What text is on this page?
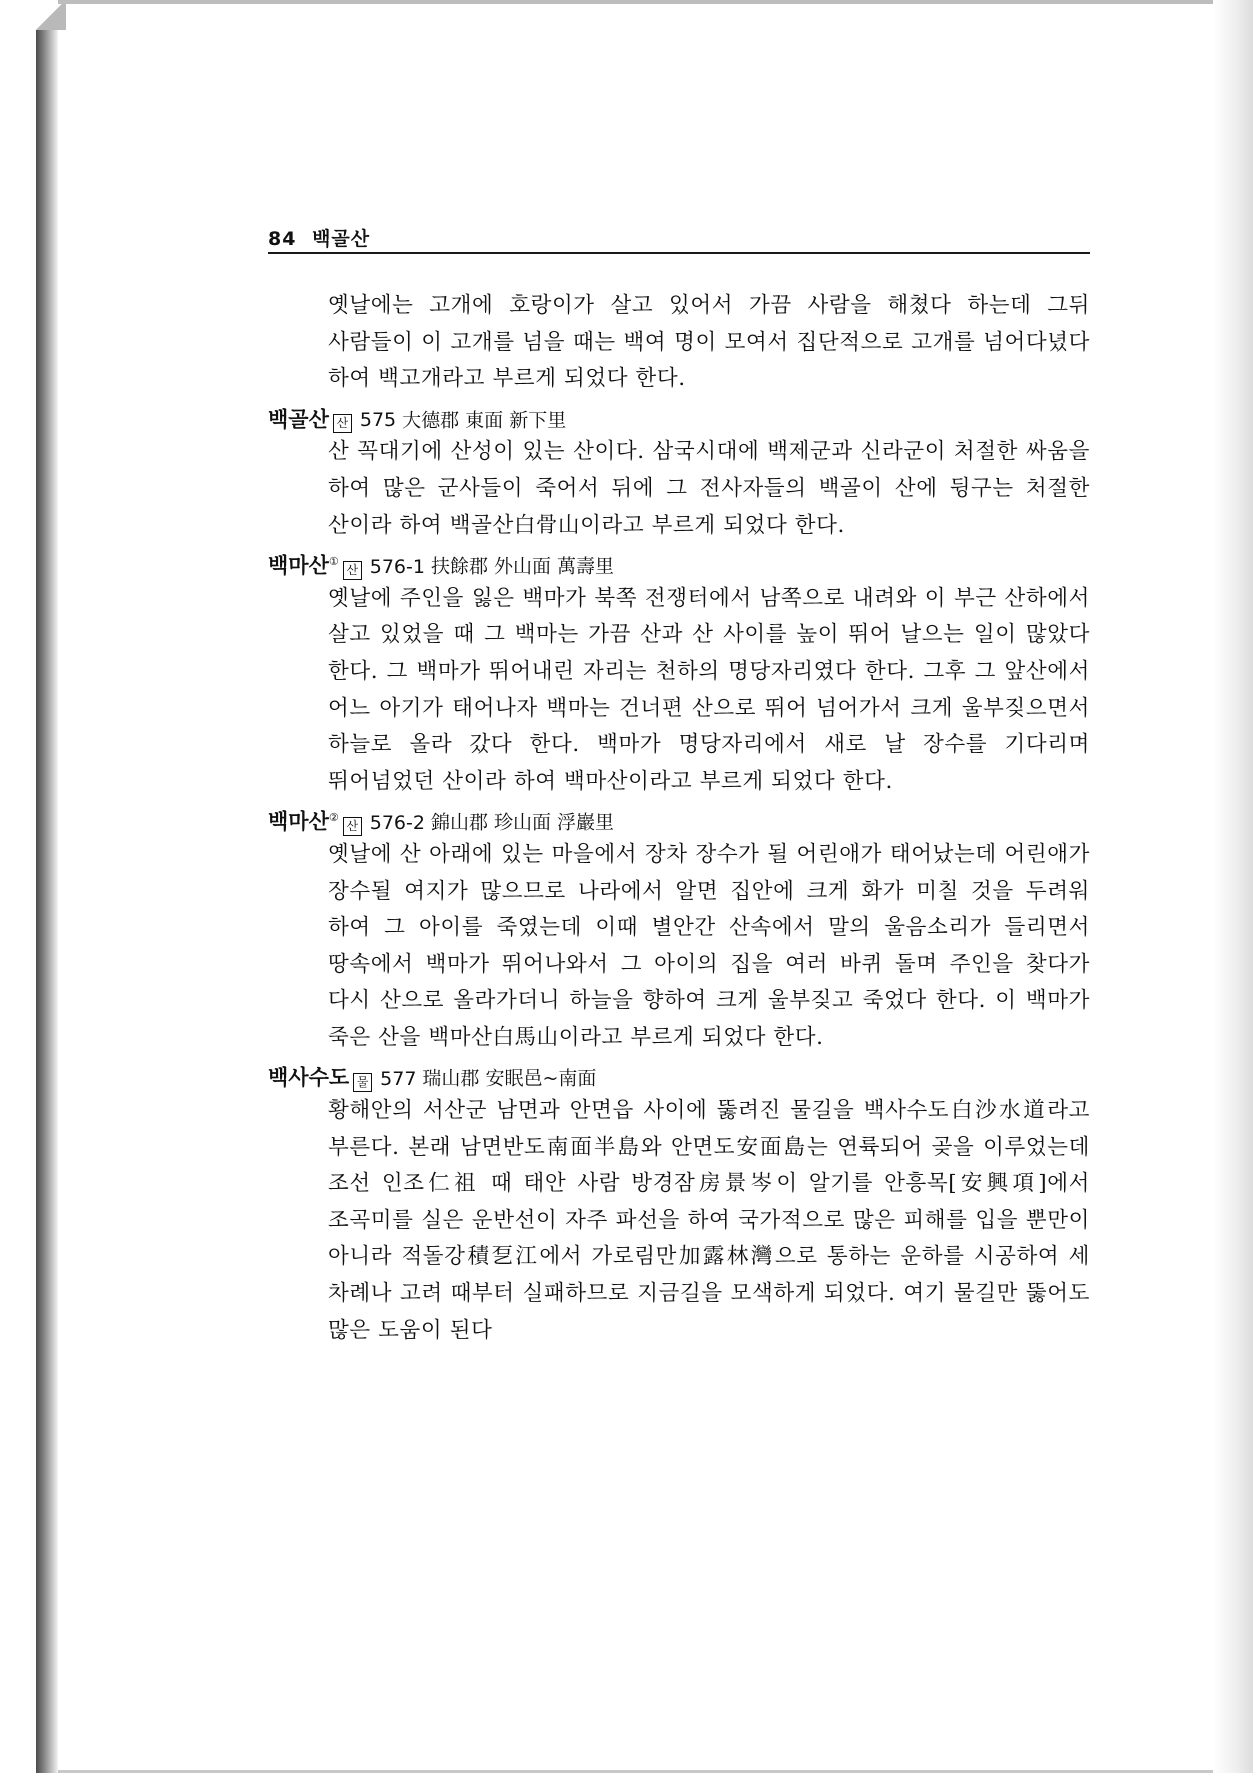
84 백골산
옛날에는 고개에 호랑이가 살고 있어서 가끔 사람을 해쳤다 하는데 그뒤 사람들이 이 고개를 넘을 때는 백여 명이 모여서 집단적으로 고개를 넘어다녔다 하여 백고개라고 부르게 되었다 한다.
백골산 산 575 大德郡 東面 新下里
산 꼭대기에 산성이 있는 산이다. 삼국시대에 백제군과 신라군이 처절한 싸움을 하여 많은 군사들이 죽어서 뒤에 그 전사자들의 백골이 산에 뒹구는 처절한 산이라 하여 백골산白骨山이라고 부르게 되었다 한다.
백마산①산 576-1 扶餘郡 外山面 萬壽里
옛날에 주인을 잃은 백마가 북쪽 전쟁터에서 남쪽으로 내려와 이 부근 산하에서 살고 있었을 때 그 백마는 가끔 산과 산 사이를 높이 뛰어 날으는 일이 많았다 한다. 그 백마가 뛰어내린 자리는 천하의 명당자리였다 한다. 그후 그 앞산에서 어느 아기가 태어나자 백마는 건너편 산으로 뛰어 넘어가서 크게 울부짖으면서 하늘로 올라 갔다 한다. 백마가 명당자리에서 새로 날 장수를 기다리며 뛰어넘었던 산이라 하여 백마산이라고 부르게 되었다 한다.
백마산②산 576-2 錦山郡 珍山面 浮巖里
옛날에 산 아래에 있는 마을에서 장차 장수가 될 어린애가 태어났는데 어린애가 장수될 여지가 많으므로 나라에서 알면 집안에 크게 화가 미칠 것을 두려워 하여 그 아이를 죽였는데 이때 별안간 산속에서 말의 울음소리가 들리면서 땅속에서 백마가 뛰어나와서 그 아이의 집을 여러 바퀴 돌며 주인을 찾다가 다시 산으로 올라가더니 하늘을 향하여 크게 울부짖고 죽었다 한다. 이 백마가 죽은 산을 백마산白馬山이라고 부르게 되었다 한다.
백사수도 물 577 瑞山郡 安眠邑~南面
황해안의 서산군 남면과 안면읍 사이에 뚫려진 물길을 백사수도白沙水道라고 부른다. 본래 남면반도南面半島와 안면도安面島는 연륙되어 곶을 이루었는데 조선 인조仁祖 때 태안 사람 방경잠房景岑이 알기를 안흥목[安興項]에서 조곡미를 실은 운반선이 자주 파선을 하여 국가적으로 많은 피해를 입을 뿐만이 아니라 적돌강積乭江에서 가로림만加露林灣으로 통하는 운하를 시공하여 세 차례나 고려 때부터 실패하므로 지금길을 모색하게 되었다. 여기 물길만 뚫어도 많은 도움이 된다
